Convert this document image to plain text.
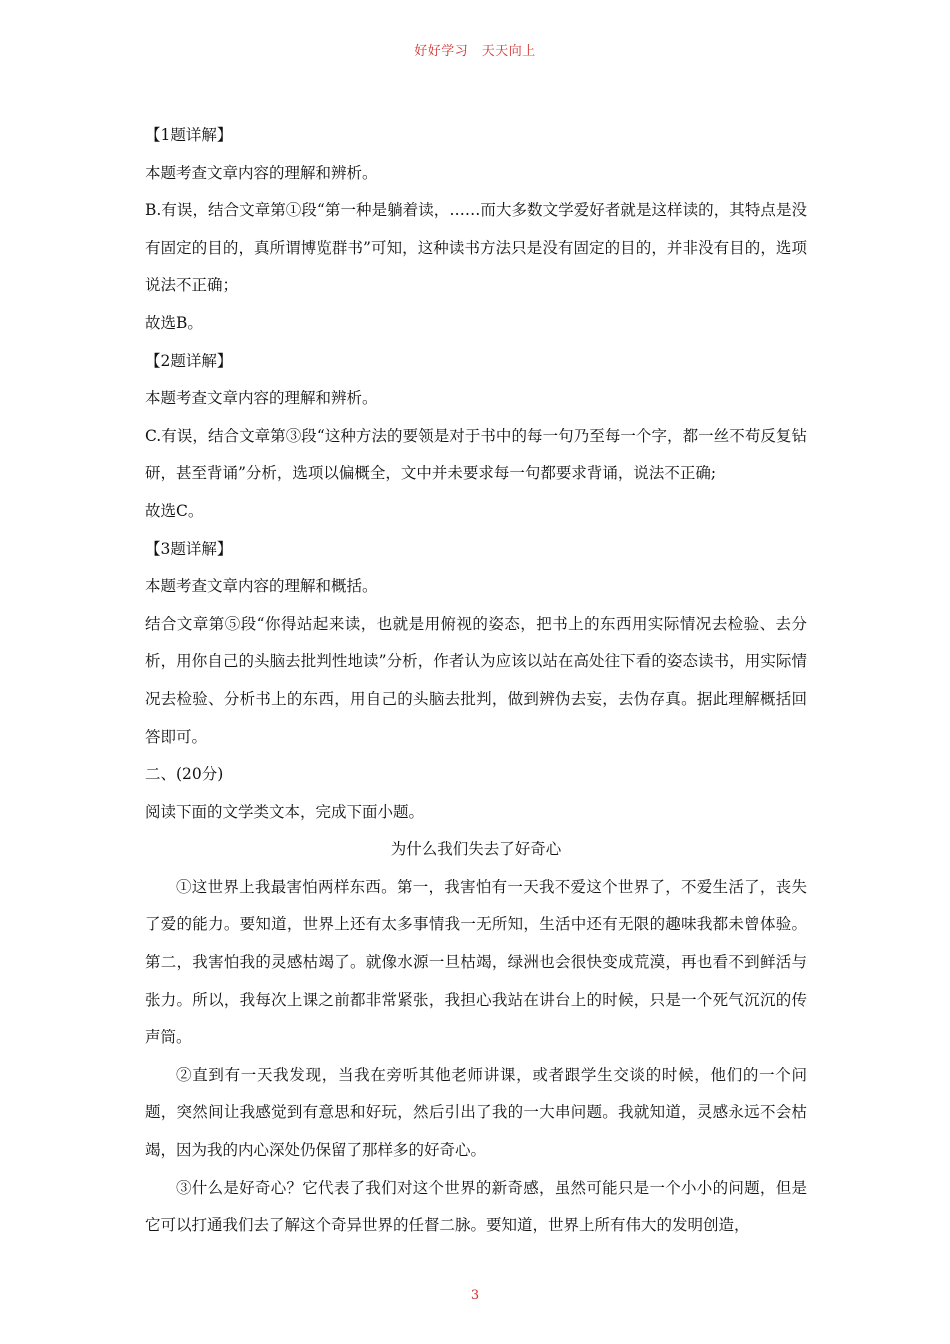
好好学习　天天向上

【1题详解】

本题考查文章内容的理解和辨析。

B.有误，结合文章第①段“第一种是躺着读，……而大多数文学爱好者就是这样读的，其特点是没有固定的目的，真所谓博览群书”可知，这种读书方法只是没有固定的目的，并非没有目的，选项说法不正确；

故选B。

【2题详解】

本题考查文章内容的理解和辨析。

C.有误，结合文章第③段“这种方法的要领是对于书中的每一句乃至每一个字，都一丝不苟反复钻研，甚至背诵”分析，选项以偏概全，文中并未要求每一句都要求背诵，说法不正确;

故选C。

【3题详解】

本题考查文章内容的理解和概括。

结合文章第⑤段“你得站起来读，也就是用俯视的姿态，把书上的东西用实际情况去检验、去分析，用你自己的头脑去批判性地读”分析，作者认为应该以站在高处往下看的姿态读书，用实际情况去检验、分析书上的东西，用自己的头脑去批判，做到辨伪去妄，去伪存真。据此理解概括回答即可。

二、(20分)

阅读下面的文学类文本，完成下面小题。

为什么我们失去了好奇心

①这世界上我最害怕两样东西。第一，我害怕有一天我不爱这个世界了，不爱生活了，丧失了爱的能力。要知道，世界上还有太多事情我一无所知，生活中还有无限的趣味我都未曾体验。第二，我害怕我的灵感枯竭了。就像水源一旦枯竭，绿洲也会很快变成荒漠，再也看不到鲜活与张力。所以，我每次上课之前都非常紧张，我担心我站在讲台上的时候，只是一个死气沉沉的传声筒。

②直到有一天我发现，当我在旁听其他老师讲课，或者跟学生交谈的时候，他们的一个问题，突然间让我感觉到有意思和好玩，然后引出了我的一大串问题。我就知道，灵感永远不会枯竭，因为我的内心深处仍保留了那样多的好奇心。

③什么是好奇心？它代表了我们对这个世界的新奇感，虽然可能只是一个小小的问题，但是它可以打通我们去了解这个奇异世界的任督二脉。要知道，世界上所有伟大的发明创造，

3
